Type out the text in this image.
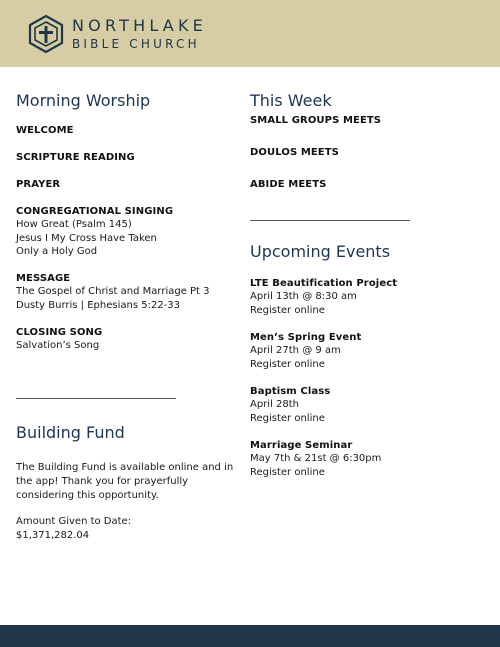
NORTHLAKE
BIBLE CHURCH
Morning Worship
WELCOME
SCRIPTURE READING
PRAYER
CONGREGATIONAL SINGING
How Great (Psalm 145)
Jesus I My Cross Have Taken
Only a Holy God
MESSAGE
The Gospel of Christ and Marriage Pt 3
Dusty Burris | Ephesians 5:22-33
CLOSING SONG
Salvation’s Song
Building Fund
The Building Fund is available online and in the app! Thank you for prayerfully considering this opportunity.
Amount Given to Date:
$1,371,282.04
This Week
SMALL GROUPS MEETS
DOULOS MEETS
ABIDE MEETS
Upcoming Events
LTE Beautification Project
April 13th @ 8:30 am
Register online
Men’s Spring Event
April 27th @ 9 am
Register online
Baptism Class
April 28th
Register online
Marriage Seminar
May 7th & 21st @ 6:30pm
Register online
